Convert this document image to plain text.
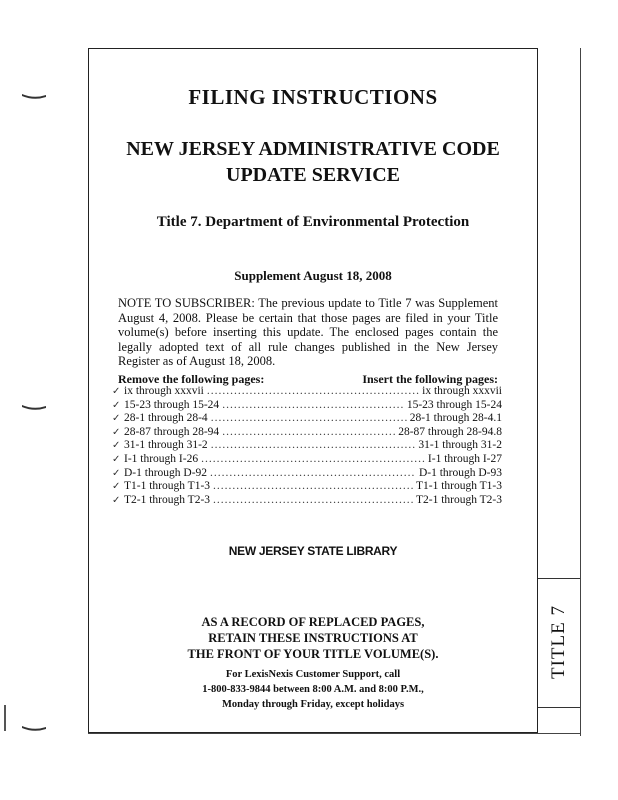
TITLE 7
FILING INSTRUCTIONS
NEW JERSEY ADMINISTRATIVE CODE
UPDATE SERVICE
Title 7. Department of Environmental Protection
Supplement August 18, 2008
NOTE TO SUBSCRIBER: The previous update to Title 7 was Supplement August 4, 2008. Please be certain that those pages are filed in your Title volume(s) before inserting this update. The enclosed pages contain the legally adopted text of all rule changes published in the New Jersey Register as of August 18, 2008.
Remove the following pages:	Insert the following pages:
✓ ix through xxxvii .....	ix through xxxvii
✓ 15-23 through 15-24 .....	15-23 through 15-24
✓ 28-1 through 28-4 .....	28-1 through 28-4.1
✓ 28-87 through 28-94 .....	28-87 through 28-94.8
✓ 31-1 through 31-2 .....	31-1 through 31-2
✓ I-1 through I-26 .....	I-1 through I-27
✓ D-1 through D-92 .....	D-1 through D-93
✓ T1-1 through T1-3 .....	T1-1 through T1-3
✓ T2-1 through T2-3 .....	T2-1 through T2-3
NEW JERSEY STATE LIBRARY
AS A RECORD OF REPLACED PAGES,
RETAIN THESE INSTRUCTIONS AT
THE FRONT OF YOUR TITLE VOLUME(S).
For LexisNexis Customer Support, call
1-800-833-9844 between 8:00 A.M. and 8:00 P.M.,
Monday through Friday, except holidays
